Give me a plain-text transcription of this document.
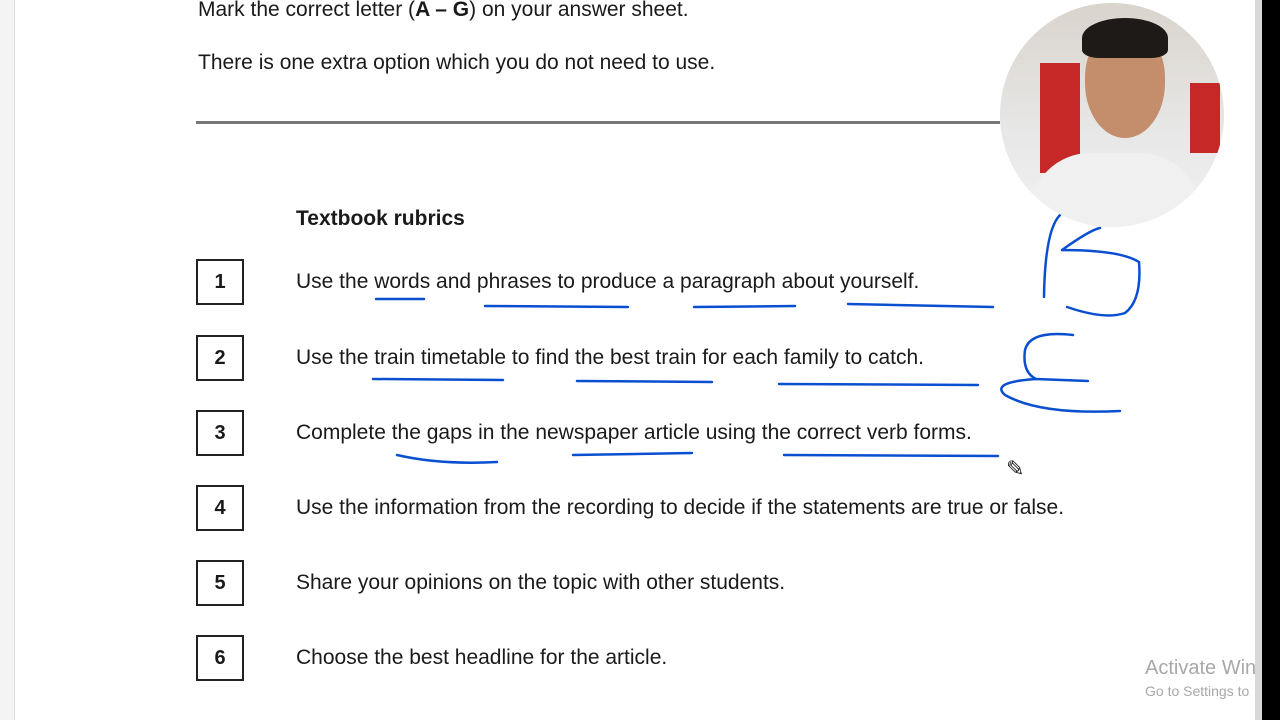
Mark the correct letter (A – G) on your answer sheet.
There is one extra option which you do not need to use.
Textbook rubrics
1	Use the words and phrases to produce a paragraph about yourself.
2	Use the train timetable to find the best train for each family to catch.
3	Complete the gaps in the newspaper article using the correct verb forms.
4	Use the information from the recording to decide if the statements are true or false.
5	Share your opinions on the topic with other students.
6	Choose the best headline for the article.
✎
Activate Win
Go to Settings to
